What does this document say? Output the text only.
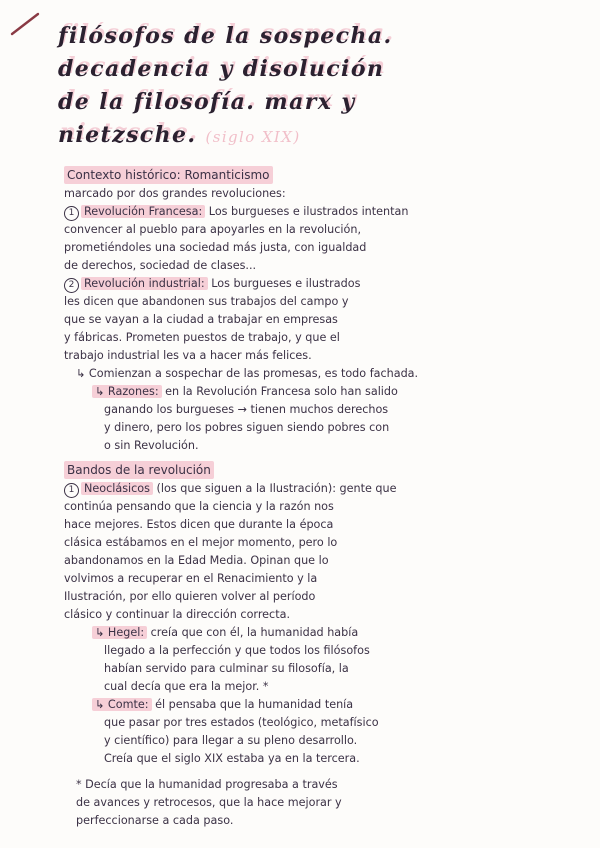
filósofos de la sospecha.
decadencia y disolución
de la filosofía. marx y
nietzsche. (siglo XIX)

Contexto histórico: Romanticismo

marcado por dos grandes revoluciones:

1 Revolución Francesa: Los burgueses e ilustrados intentan

convencer al pueblo para apoyarles en la revolución,

prometiéndoles una sociedad más justa, con igualdad

de derechos, sociedad de clases...

2 Revolución industrial: Los burgueses e ilustrados

les dicen que abandonen sus trabajos del campo y

que se vayan a la ciudad a trabajar en empresas

y fábricas. Prometen puestos de trabajo, y que el

trabajo industrial les va a hacer más felices.

↳ Comienzan a sospechar de las promesas, es todo fachada.

↳ Razones: en la Revolución Francesa solo han salido

ganando los burgueses → tienen muchos derechos

y dinero, pero los pobres siguen siendo pobres con

o sin Revolución.

Bandos de la revolución

1 Neoclásicos (los que siguen a la Ilustración): gente que

continúa pensando que la ciencia y la razón nos

hace mejores. Estos dicen que durante la época

clásica estábamos en el mejor momento, pero lo

abandonamos en la Edad Media. Opinan que lo

volvimos a recuperar en el Renacimiento y la

Ilustración, por ello quieren volver al período

clásico y continuar la dirección correcta.

↳ Hegel: creía que con él, la humanidad había

llegado a la perfección y que todos los filósofos

habían servido para culminar su filosofía, la

cual decía que era la mejor. *

↳ Comte: él pensaba que la humanidad tenía

que pasar por tres estados (teológico, metafísico

y científico) para llegar a su pleno desarrollo.

Creía que el siglo XIX estaba ya en la tercera.

* Decía que la humanidad progresaba a través

de avances y retrocesos, que la hace mejorar y

perfeccionarse a cada paso.
